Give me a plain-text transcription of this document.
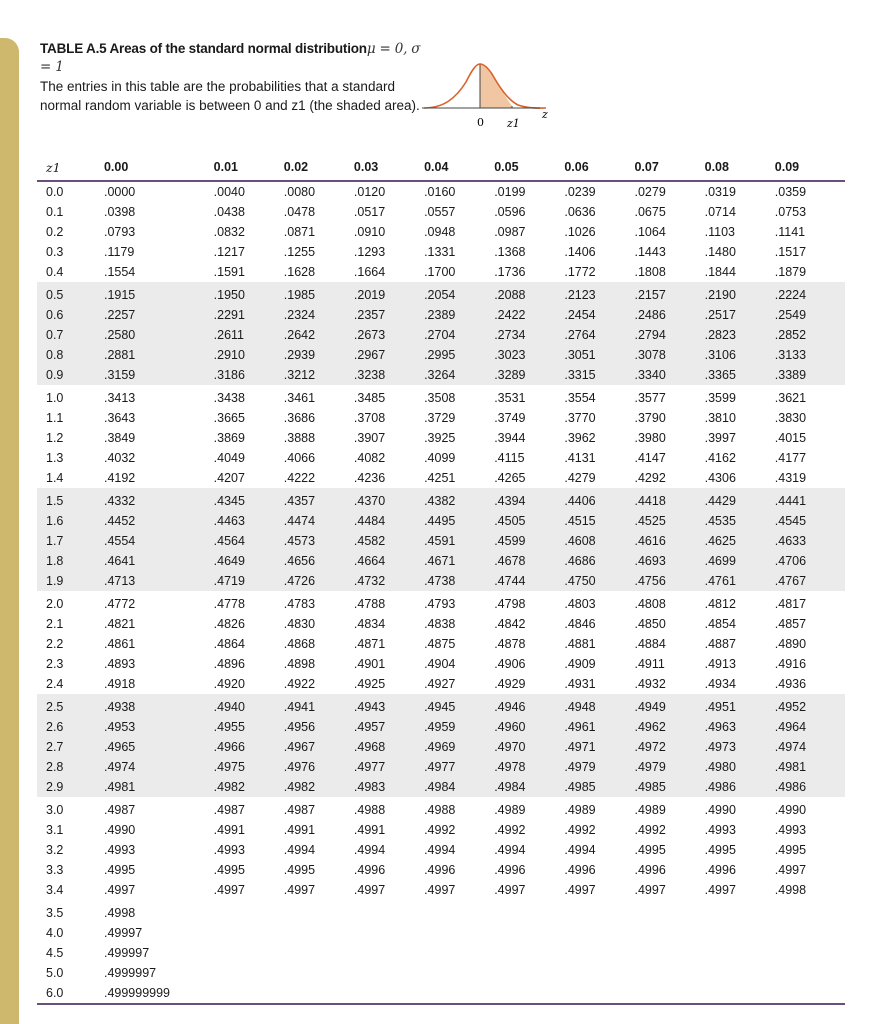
TABLE A.5 Areas of the standard normal distributionμ = 0, σ = 1
The entries in this table are the probabilities that a standard normal random variable is between 0 and z1 (the shaded area).
0 z1
z
z1	0.00	0.01	0.02	0.03	0.04	0.05	0.06	0.07	0.08	0.09
0.0	.0000	.0040	.0080	.0120	.0160	.0199	.0239	.0279	.0319	.0359
0.1	.0398	.0438	.0478	.0517	.0557	.0596	.0636	.0675	.0714	.0753
0.2	.0793	.0832	.0871	.0910	.0948	.0987	.1026	.1064	.1103	.1141
0.3	.1179	.1217	.1255	.1293	.1331	.1368	.1406	.1443	.1480	.1517
0.4	.1554	.1591	.1628	.1664	.1700	.1736	.1772	.1808	.1844	.1879
0.5	.1915	.1950	.1985	.2019	.2054	.2088	.2123	.2157	.2190	.2224
0.6	.2257	.2291	.2324	.2357	.2389	.2422	.2454	.2486	.2517	.2549
0.7	.2580	.2611	.2642	.2673	.2704	.2734	.2764	.2794	.2823	.2852
0.8	.2881	.2910	.2939	.2967	.2995	.3023	.3051	.3078	.3106	.3133
0.9	.3159	.3186	.3212	.3238	.3264	.3289	.3315	.3340	.3365	.3389
1.0	.3413	.3438	.3461	.3485	.3508	.3531	.3554	.3577	.3599	.3621
1.1	.3643	.3665	.3686	.3708	.3729	.3749	.3770	.3790	.3810	.3830
1.2	.3849	.3869	.3888	.3907	.3925	.3944	.3962	.3980	.3997	.4015
1.3	.4032	.4049	.4066	.4082	.4099	.4115	.4131	.4147	.4162	.4177
1.4	.4192	.4207	.4222	.4236	.4251	.4265	.4279	.4292	.4306	.4319
1.5	.4332	.4345	.4357	.4370	.4382	.4394	.4406	.4418	.4429	.4441
1.6	.4452	.4463	.4474	.4484	.4495	.4505	.4515	.4525	.4535	.4545
1.7	.4554	.4564	.4573	.4582	.4591	.4599	.4608	.4616	.4625	.4633
1.8	.4641	.4649	.4656	.4664	.4671	.4678	.4686	.4693	.4699	.4706
1.9	.4713	.4719	.4726	.4732	.4738	.4744	.4750	.4756	.4761	.4767
2.0	.4772	.4778	.4783	.4788	.4793	.4798	.4803	.4808	.4812	.4817
2.1	.4821	.4826	.4830	.4834	.4838	.4842	.4846	.4850	.4854	.4857
2.2	.4861	.4864	.4868	.4871	.4875	.4878	.4881	.4884	.4887	.4890
2.3	.4893	.4896	.4898	.4901	.4904	.4906	.4909	.4911	.4913	.4916
2.4	.4918	.4920	.4922	.4925	.4927	.4929	.4931	.4932	.4934	.4936
2.5	.4938	.4940	.4941	.4943	.4945	.4946	.4948	.4949	.4951	.4952
2.6	.4953	.4955	.4956	.4957	.4959	.4960	.4961	.4962	.4963	.4964
2.7	.4965	.4966	.4967	.4968	.4969	.4970	.4971	.4972	.4973	.4974
2.8	.4974	.4975	.4976	.4977	.4977	.4978	.4979	.4979	.4980	.4981
2.9	.4981	.4982	.4982	.4983	.4984	.4984	.4985	.4985	.4986	.4986
3.0	.4987	.4987	.4987	.4988	.4988	.4989	.4989	.4989	.4990	.4990
3.1	.4990	.4991	.4991	.4991	.4992	.4992	.4992	.4992	.4993	.4993
3.2	.4993	.4993	.4994	.4994	.4994	.4994	.4994	.4995	.4995	.4995
3.3	.4995	.4995	.4995	.4996	.4996	.4996	.4996	.4996	.4996	.4997
3.4	.4997	.4997	.4997	.4997	.4997	.4997	.4997	.4997	.4997	.4998
3.5	.4998									
4.0	.49997									
4.5	.499997									
5.0	.4999997									
6.0	.499999999									
